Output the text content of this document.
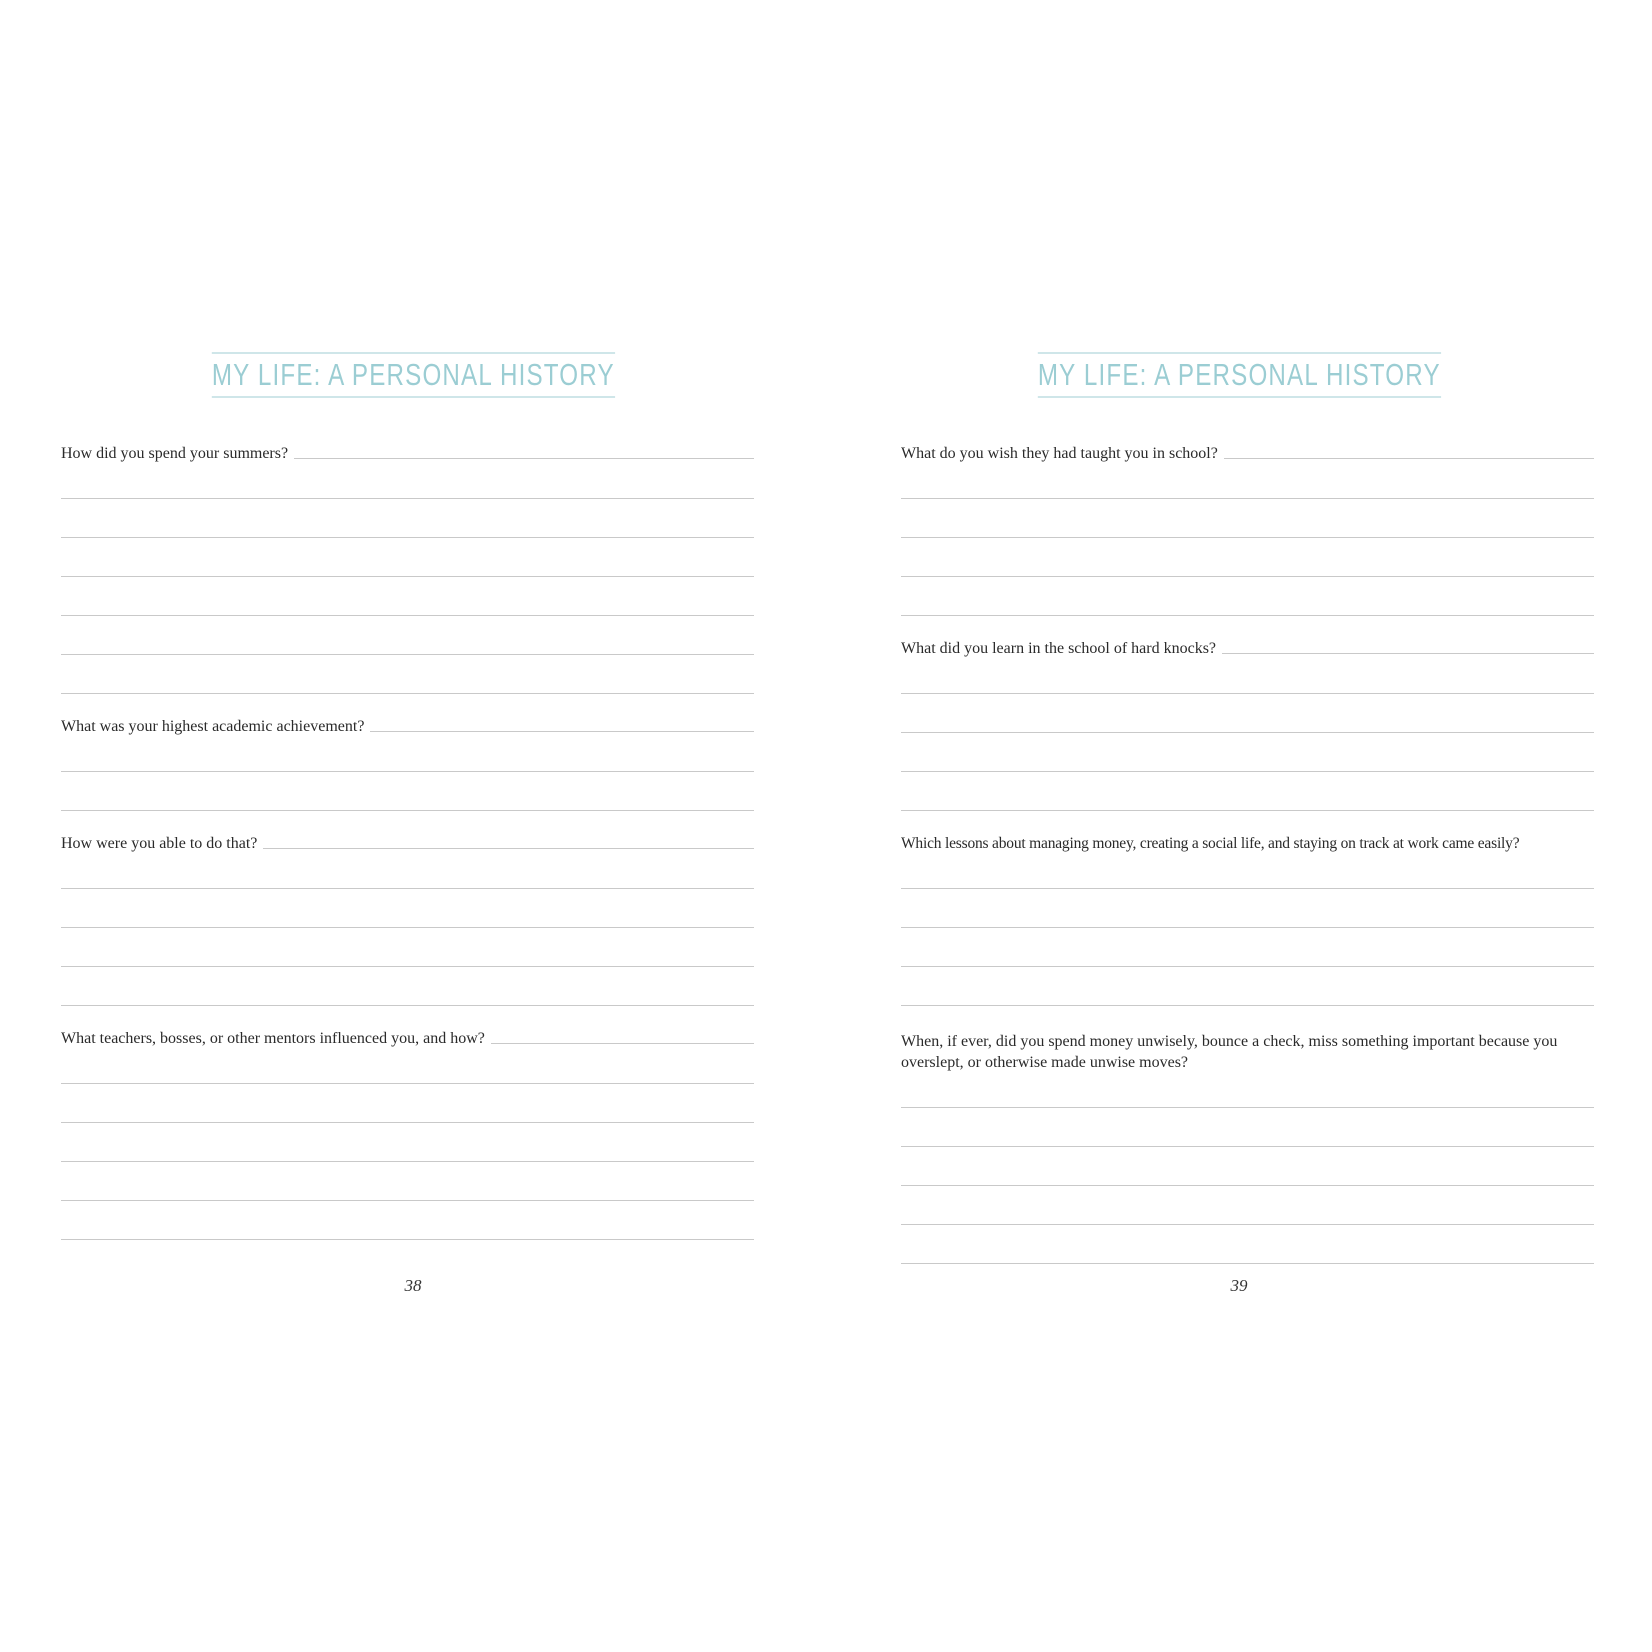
MY LIFE: A PERSONAL HISTORY
How did you spend your summers?
What was your highest academic achievement?
How were you able to do that?
What teachers, bosses, or other mentors influenced you, and how?
38
MY LIFE: A PERSONAL HISTORY
What do you wish they had taught you in school?
What did you learn in the school of hard knocks?
Which lessons about managing money, creating a social life, and staying on track at work came easily?
When, if ever, did you spend money unwisely, bounce a check, miss something important because you overslept, or otherwise made unwise moves?
39
